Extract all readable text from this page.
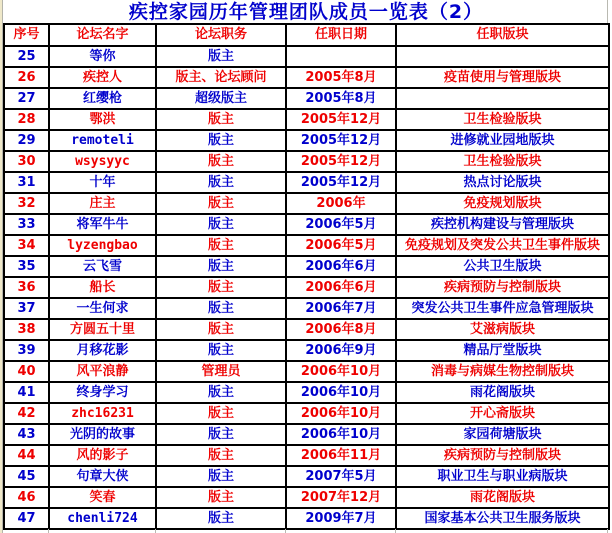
疾控家园历年管理团队成员一览表（2）
序号	论坛名字	论坛职务	任职日期	任职版块
25	等你	版主		
26	疾控人	版主、论坛顾问	2005年8月	疫苗使用与管理版块
27	红缨枪	超级版主	2005年8月	
28	鄂洪	版主	2005年12月	卫生检验版块
29	remoteli	版主	2005年12月	进修就业园地版块
30	wsysyyc	版主	2005年12月	卫生检验版块
31	十年	版主	2005年12月	热点讨论版块
32	庄主	版主	2006年	免疫规划版块
33	将军牛牛	版主	2006年5月	疾控机构建设与管理版块
34	lyzengbao	版主	2006年5月	免疫规划及突发公共卫生事件版块
35	云飞雪	版主	2006年6月	公共卫生版块
36	船长	版主	2006年6月	疾病预防与控制版块
37	一生何求	版主	2006年7月	突发公共卫生事件应急管理版块
38	方圆五十里	版主	2006年8月	艾滋病版块
39	月移花影	版主	2006年9月	精品厅堂版块
40	风平浪静	管理员	2006年10月	消毒与病媒生物控制版块
41	终身学习	版主	2006年10月	雨花阁版块
42	zhc16231	版主	2006年10月	开心斋版块
43	光阴的故事	版主	2006年10月	家园荷塘版块
44	风的影子	版主	2006年11月	疾病预防与控制版块
45	句章大侠	版主	2007年5月	职业卫生与职业病版块
46	笑春	版主	2007年12月	雨花阁版块
47	chenli724	版主	2009年7月	国家基本公共卫生服务版块
